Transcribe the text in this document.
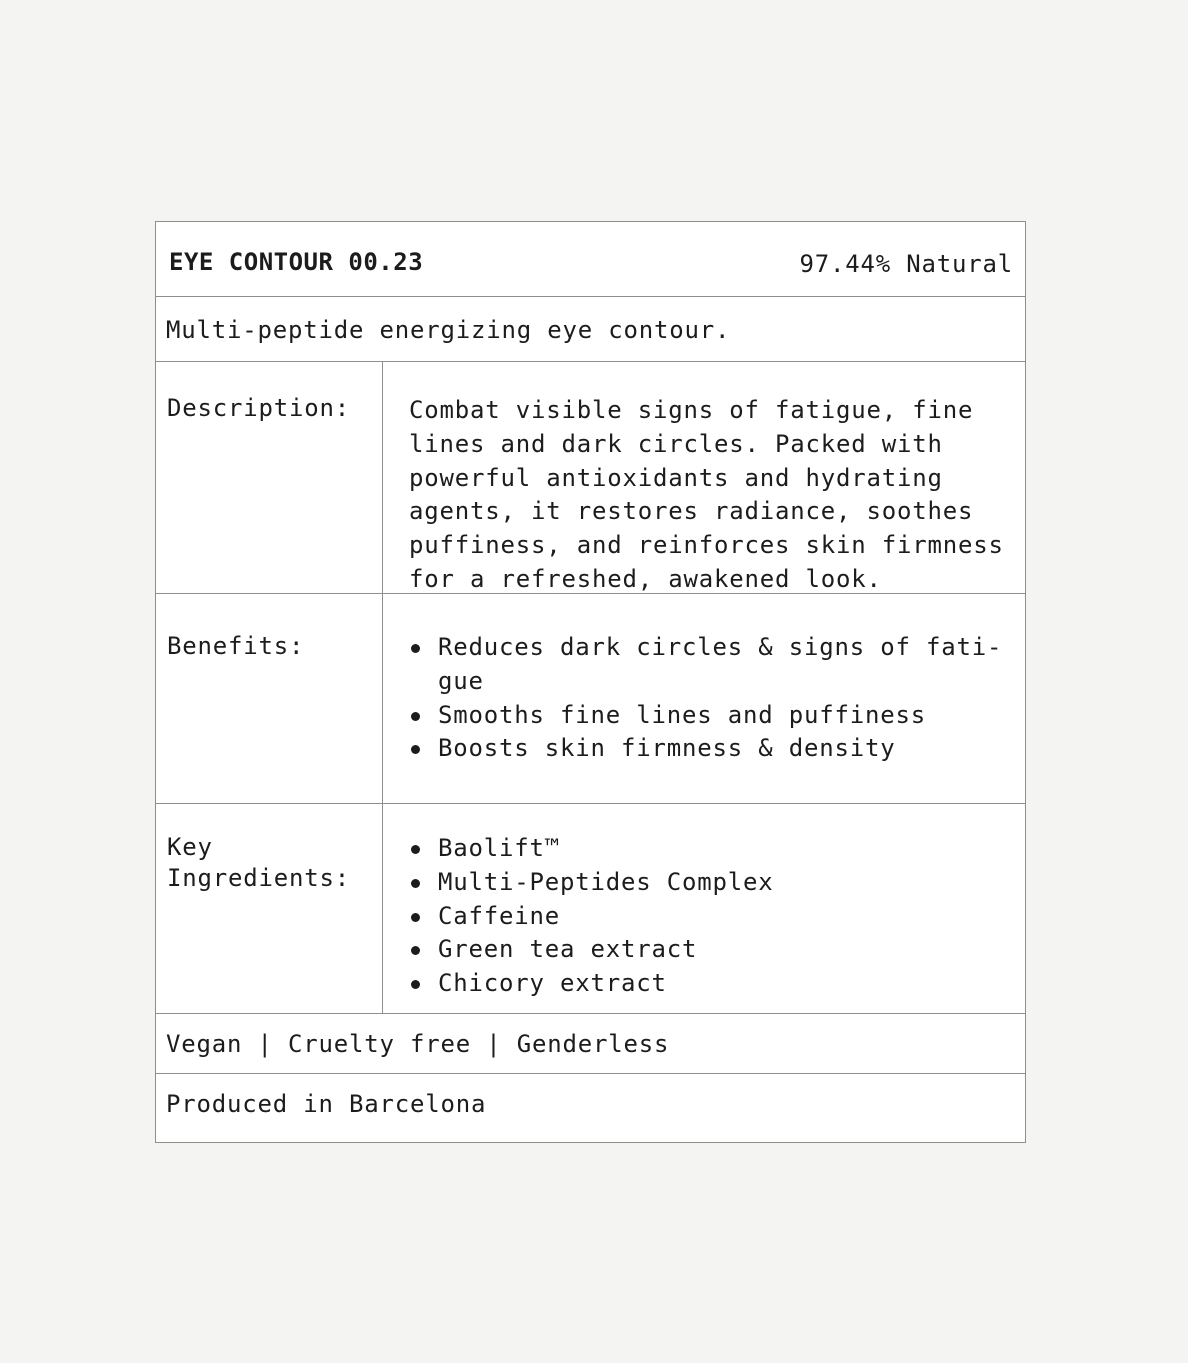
EYE CONTOUR 00.23	97.44% Natural
Multi-peptide energizing eye contour.
Description: Combat visible signs of fatigue, fine lines and dark circles. Packed with powerful antioxidants and hydrating agents, it restores radiance, soothes puffiness, and reinforces skin firmness for a refreshed, awakened look.
Benefits:	Reduces dark circles & signs of fati-gue
Smooths fine lines and puffiness
Boosts skin firmness & density
Key
Ingredients:
Baolift™
Multi-Peptides Complex
Caffeine
Green tea extract
Chicory extract
Vegan | Cruelty free | Genderless
Produced in Barcelona
